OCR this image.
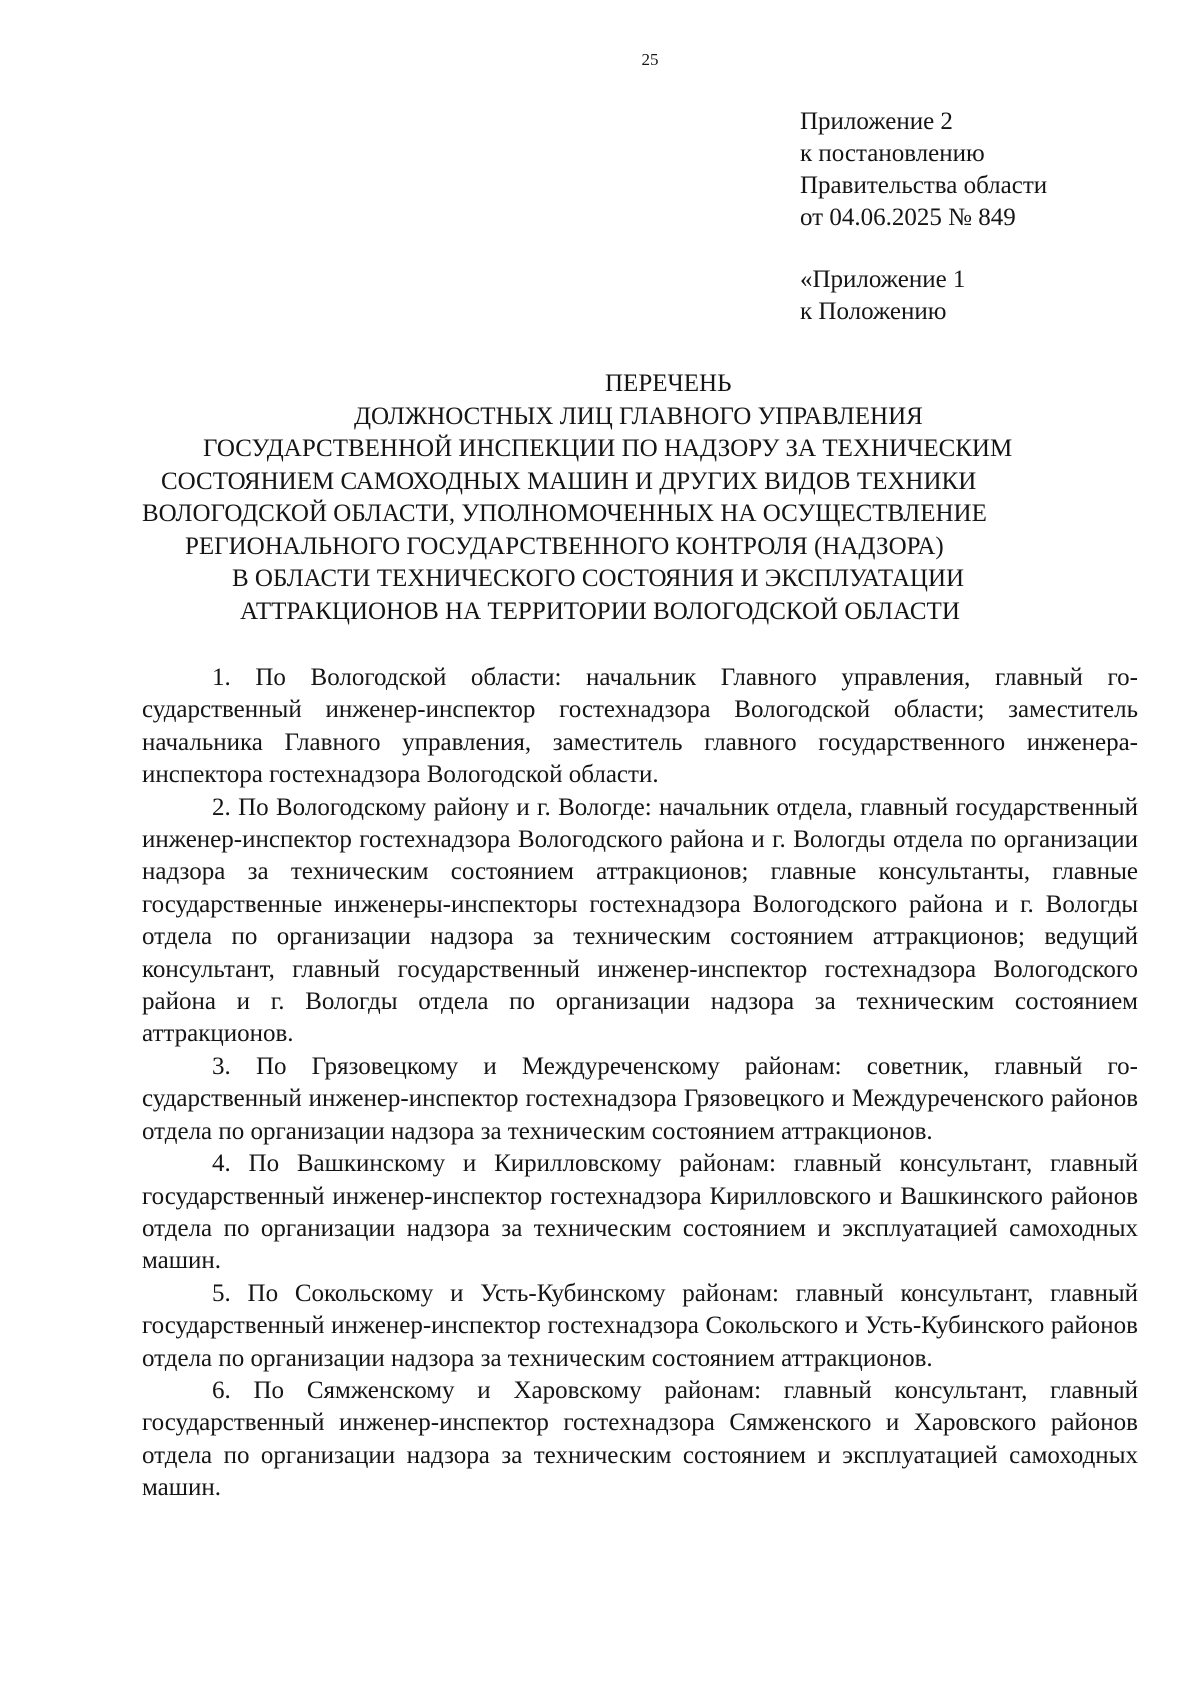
25
Приложение 2
к постановлению
Правительства области
от 04.06.2025 № 849
«Приложение 1
к Положению
ПЕРЕЧЕНЬ
ДОЛЖНОСТНЫХ ЛИЦ ГЛАВНОГО УПРАВЛЕНИЯ
ГОСУДАРСТВЕННОЙ ИНСПЕКЦИИ ПО НАДЗОРУ ЗА ТЕХНИЧЕСКИМ
СОСТОЯНИЕМ САМОХОДНЫХ МАШИН И ДРУГИХ ВИДОВ ТЕХНИКИ
ВОЛОГОДСКОЙ ОБЛАСТИ, УПОЛНОМОЧЕННЫХ НА ОСУЩЕСТВЛЕНИЕ
РЕГИОНАЛЬНОГО ГОСУДАРСТВЕННОГО КОНТРОЛЯ (НАДЗОРА)
В ОБЛАСТИ ТЕХНИЧЕСКОГО СОСТОЯНИЯ И ЭКСПЛУАТАЦИИ
АТТРАКЦИОНОВ НА ТЕРРИТОРИИ ВОЛОГОДСКОЙ ОБЛАСТИ

1. По Вологодской области: начальник Главного управления, главный государственный инженер-инспектор гостехнадзора Вологодской области; заместитель начальника Главного управления, заместитель главного государственного инженера-инспектора гостехнадзора Вологодской области.

2. По Вологодскому району и г. Вологде: начальник отдела, главный государственный инженер-инспектор гостехнадзора Вологодского района и г. Вологды отдела по организации надзора за техническим состоянием аттракционов; главные консультанты, главные государственные инженеры-инспекторы гостехнадзора Вологодского района и г. Вологды отдела по организации надзора за техническим состоянием аттракционов; ведущий консультант, главный государственный инженер-инспектор гостехнадзора Вологодского района и г. Вологды отдела по организации надзора за техническим состоянием аттракционов.

3. По Грязовецкому и Междуреченскому районам: советник, главный государственный инженер-инспектор гостехнадзора Грязовецкого и Междуреченского районов отдела по организации надзора за техническим состоянием аттракционов.

4. По Вашкинскому и Кирилловскому районам: главный консультант, главный государственный инженер-инспектор гостехнадзора Кирилловского и Вашкинского районов отдела по организации надзора за техническим состоянием и эксплуатацией самоходных машин.

5. По Сокольскому и Усть-Кубинскому районам: главный консультант, главный государственный инженер-инспектор гостехнадзора Сокольского и Усть-Кубинского районов отдела по организации надзора за техническим состоянием аттракционов.

6. По Сямженскому и Харовскому районам: главный консультант, главный государственный инженер-инспектор гостехнадзора Сямженского и Харовского районов отдела по организации надзора за техническим состоянием и эксплуатацией самоходных машин.
